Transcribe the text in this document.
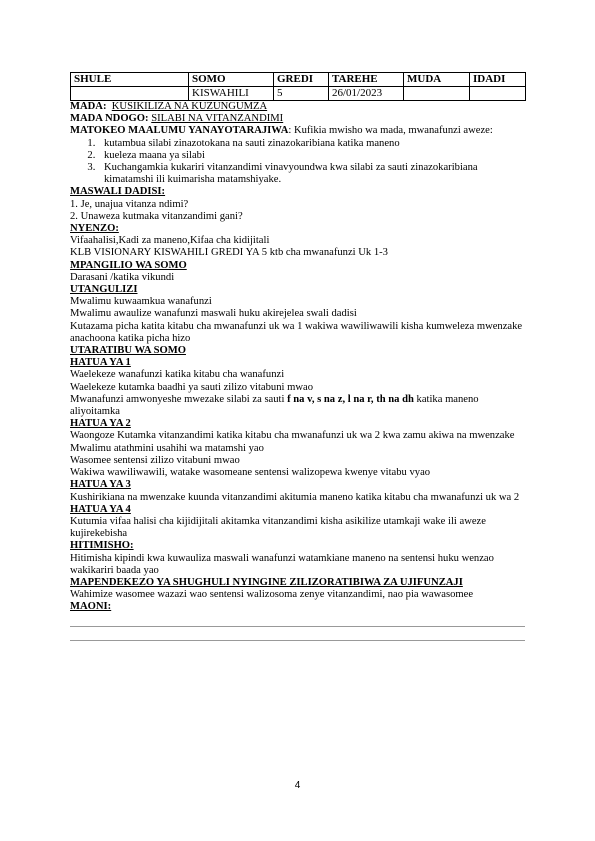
SHULE	SOMO	GREDI	TAREHE	MUDA	IDADI
	KISWAHILI	5	26/01/2023		

MADA: KUSIKILIZA NA KUZUNGUMZA

MADA NDOGO: SILABI NA VITANZANDIMI

MATOKEO MAALUMU YANAYOTARAJIWA: Kufikia mwisho wa mada, mwanafunzi aweze:

1. kutambua silabi zinazotokana na sauti zinazokaribiana katika maneno
2. kueleza maana ya silabi
3. Kuchangamkia kukariri vitanzandimi vinavyoundwa kwa silabi za sauti zinazokaribiana kimatamshi ili kuimarisha matamshiyake.

MASWALI DADISI:

1. Je, unajua vitanza ndimi?

2. Unaweza kutmaka vitanzandimi gani?

NYENZO:

Vifaahalisi,Kadi za maneno,Kifaa cha kidijitali

KLB VISIONARY KISWAHILI GREDI YA 5 ktb cha mwanafunzi Uk 1-3

MPANGILIO WA SOMO

Darasani /katika vikundi

UTANGULIZI

Mwalimu kuwaamkua wanafunzi

Mwalimu awaulize wanafunzi maswali huku akirejelea swali dadisi

Kutazama picha katita kitabu cha mwanafunzi uk wa 1 wakiwa wawiliwawili kisha kumweleza mwenzake anachoona katika picha hizo

UTARATIBU WA SOMO

HATUA YA 1

Waelekeze wanafunzi katika kitabu cha wanafunzi

Waelekeze kutamka baadhi ya sauti zilizo vitabuni mwao

Mwanafunzi amwonyeshe mwezake silabi za sauti f na v, s na z, l na r, th na dh katika maneno aliyoitamka

HATUA YA 2

Waongoze Kutamka vitanzandimi katika kitabu cha mwanafunzi uk wa 2 kwa zamu akiwa na mwenzake

Mwalimu atathmini usahihi wa matamshi yao

Wasomee sentensi zilizo vitabuni mwao

Wakiwa wawiliwawili, watake wasomeane sentensi walizopewa kwenye vitabu vyao

HATUA YA 3

Kushirikiana na mwenzake kuunda vitanzandimi akitumia maneno katika kitabu cha mwanafunzi uk wa 2

HATUA YA 4

Kutumia vifaa halisi cha kijidijitali akitamka vitanzandimi kisha asikilize utamkaji wake ili aweze kujirekebisha

HITIMISHO:

Hitimisha kipindi kwa kuwauliza maswali wanafunzi watamkiane maneno na sentensi huku wenzao wakikariri baada yao

MAPENDEKEZO YA SHUGHULI NYINGINE ZILIZORATIBIWA ZA UJIFUNZAJI

Wahimize wasomee wazazi wao sentensi walizosoma zenye vitanzandimi, nao pia wawasomee

MAONI:

4
